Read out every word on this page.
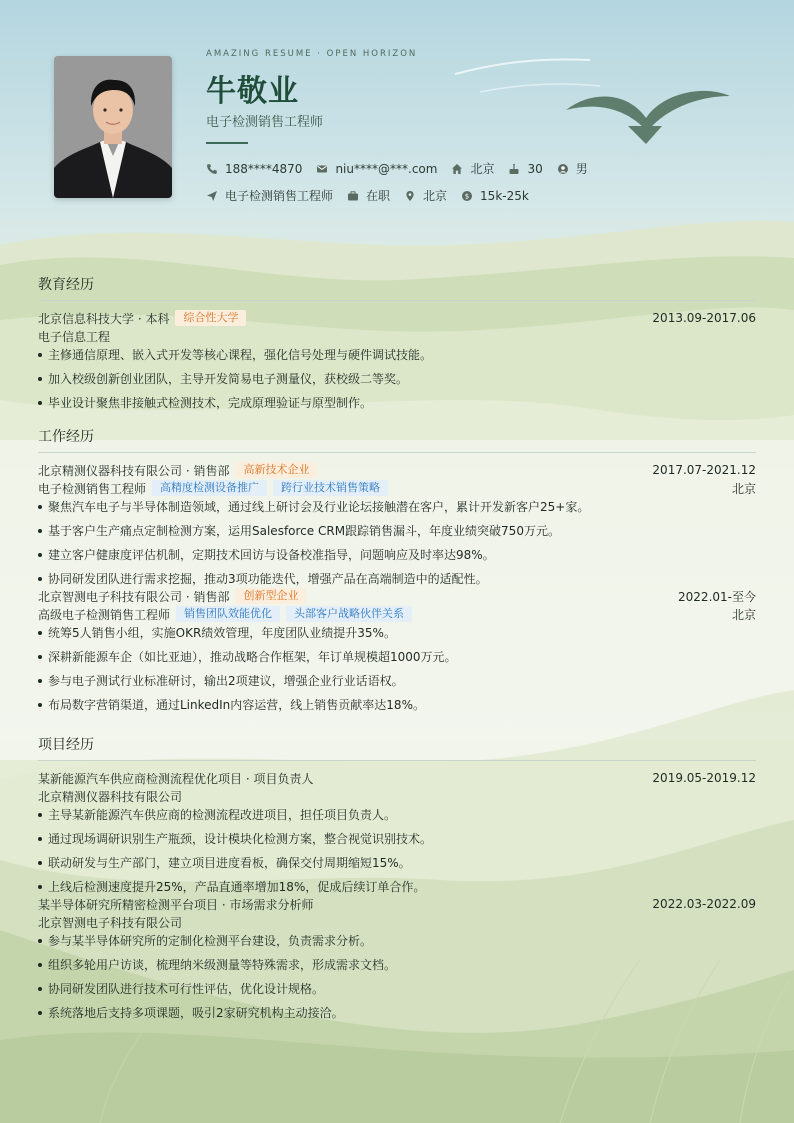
AMAZING RESUME · OPEN HORIZON
牛敬业
电子检测销售工程师
188****4870	niu****@***.com	北京	30	男
电子检测销售工程师	在职	北京	$ 15k-25k
教育经历
北京信息科技大学 · 本科	综合性大学	2013.09-2017.06
电子信息工程
主修通信原理、嵌入式开发等核心课程，强化信号处理与硬件调试技能。
加入校级创新创业团队，主导开发简易电子测量仪，获校级二等奖。
毕业设计聚焦非接触式检测技术，完成原理验证与原型制作。
工作经历
北京精测仪器科技有限公司 · 销售部	高新技术企业	2017.07-2021.12
电子检测销售工程师	高精度检测设备推广	跨行业技术销售策略	北京
聚焦汽车电子与半导体制造领域，通过线上研讨会及行业论坛接触潜在客户，累计开发新客户25+家。
基于客户生产痛点定制检测方案，运用Salesforce CRM跟踪销售漏斗，年度业绩突破750万元。
建立客户健康度评估机制，定期技术回访与设备校准指导，问题响应及时率达98%。
协同研发团队进行需求挖掘，推动3项功能迭代，增强产品在高端制造中的适配性。
北京智测电子科技有限公司 · 销售部	创新型企业	2022.01-至今
高级电子检测销售工程师	销售团队效能优化	头部客户战略伙伴关系	北京
统筹5人销售小组，实施OKR绩效管理，年度团队业绩提升35%。
深耕新能源车企（如比亚迪），推动战略合作框架，年订单规模超1000万元。
参与电子测试行业标准研讨，输出2项建议，增强企业行业话语权。
布局数字营销渠道，通过LinkedIn内容运营，线上销售贡献率达18%。
项目经历
某新能源汽车供应商检测流程优化项目 · 项目负责人	2019.05-2019.12
北京精测仪器科技有限公司
主导某新能源汽车供应商的检测流程改进项目，担任项目负责人。
通过现场调研识别生产瓶颈，设计模块化检测方案，整合视觉识别技术。
联动研发与生产部门，建立项目进度看板，确保交付周期缩短15%。
上线后检测速度提升25%，产品直通率增加18%，促成后续订单合作。
某半导体研究所精密检测平台项目 · 市场需求分析师	2022.03-2022.09
北京智测电子科技有限公司
参与某半导体研究所的定制化检测平台建设，负责需求分析。
组织多轮用户访谈，梳理纳米级测量等特殊需求，形成需求文档。
协同研发团队进行技术可行性评估，优化设计规格。
系统落地后支持多项课题，吸引2家研究机构主动接洽。
